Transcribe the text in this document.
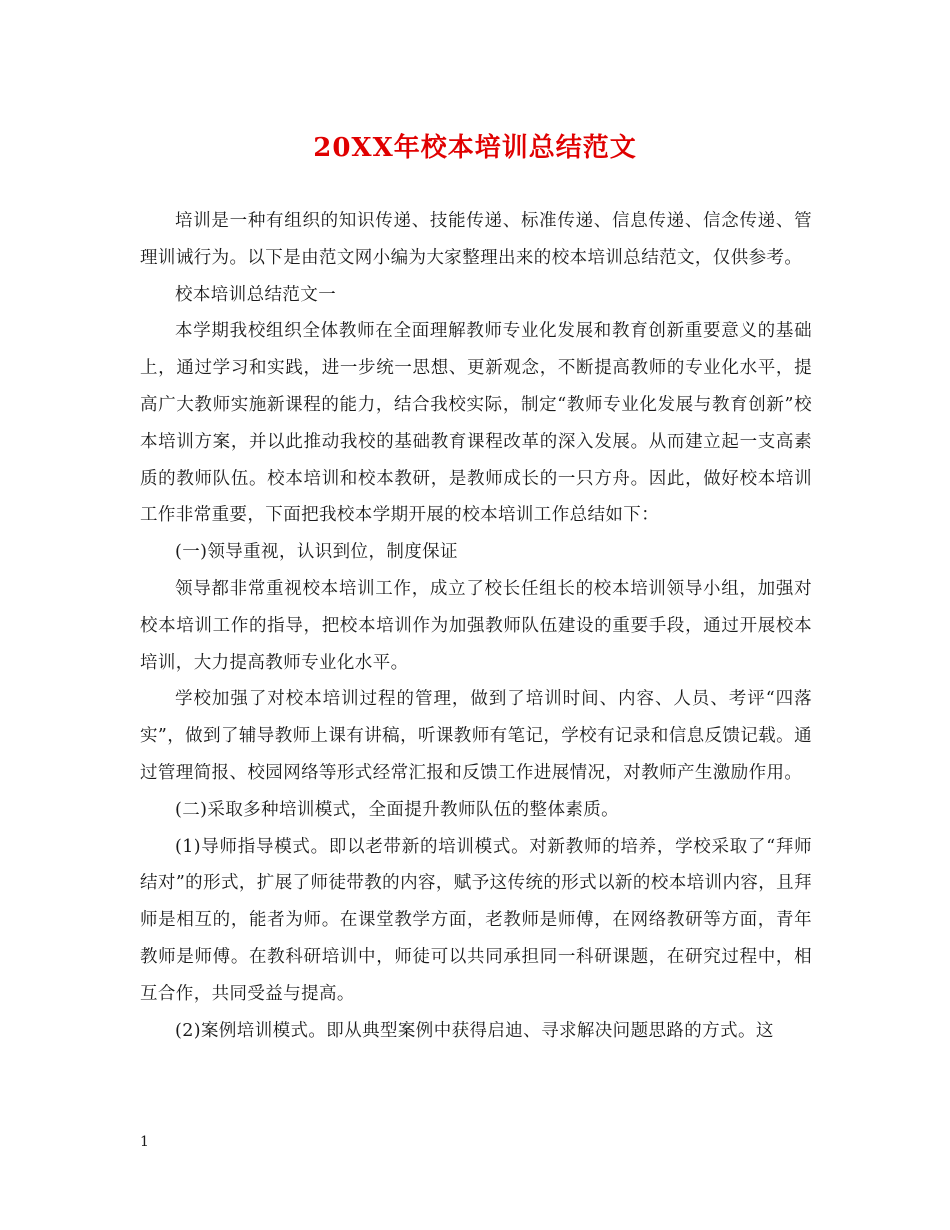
20XX年校本培训总结范文

培训是一种有组织的知识传递、技能传递、标准传递、信息传递、信念传递、管理训诫行为。以下是由范文网小编为大家整理出来的校本培训总结范文，仅供参考。

校本培训总结范文一

本学期我校组织全体教师在全面理解教师专业化发展和教育创新重要意义的基础上，通过学习和实践，进一步统一思想、更新观念，不断提高教师的专业化水平，提高广大教师实施新课程的能力，结合我校实际，制定“教师专业化发展与教育创新”校本培训方案，并以此推动我校的基础教育课程改革的深入发展。从而建立起一支高素质的教师队伍。校本培训和校本教研，是教师成长的一只方舟。因此，做好校本培训工作非常重要，下面把我校本学期开展的校本培训工作总结如下：

(一)领导重视，认识到位，制度保证

领导都非常重视校本培训工作，成立了校长任组长的校本培训领导小组，加强对校本培训工作的指导，把校本培训作为加强教师队伍建设的重要手段，通过开展校本培训，大力提高教师专业化水平。

学校加强了对校本培训过程的管理，做到了培训时间、内容、人员、考评“四落实”，做到了辅导教师上课有讲稿，听课教师有笔记，学校有记录和信息反馈记载。通过管理简报、校园网络等形式经常汇报和反馈工作进展情况，对教师产生激励作用。

(二)采取多种培训模式，全面提升教师队伍的整体素质。

(1)导师指导模式。即以老带新的培训模式。对新教师的培养，学校采取了“拜师结对”的形式，扩展了师徒带教的内容，赋予这传统的形式以新的校本培训内容，且拜师是相互的，能者为师。在课堂教学方面，老教师是师傅，在网络教研等方面，青年教师是师傅。在教科研培训中，师徒可以共同承担同一科研课题，在研究过程中，相互合作，共同受益与提高。

(2)案例培训模式。即从典型案例中获得启迪、寻求解决问题思路的方式。这

1
